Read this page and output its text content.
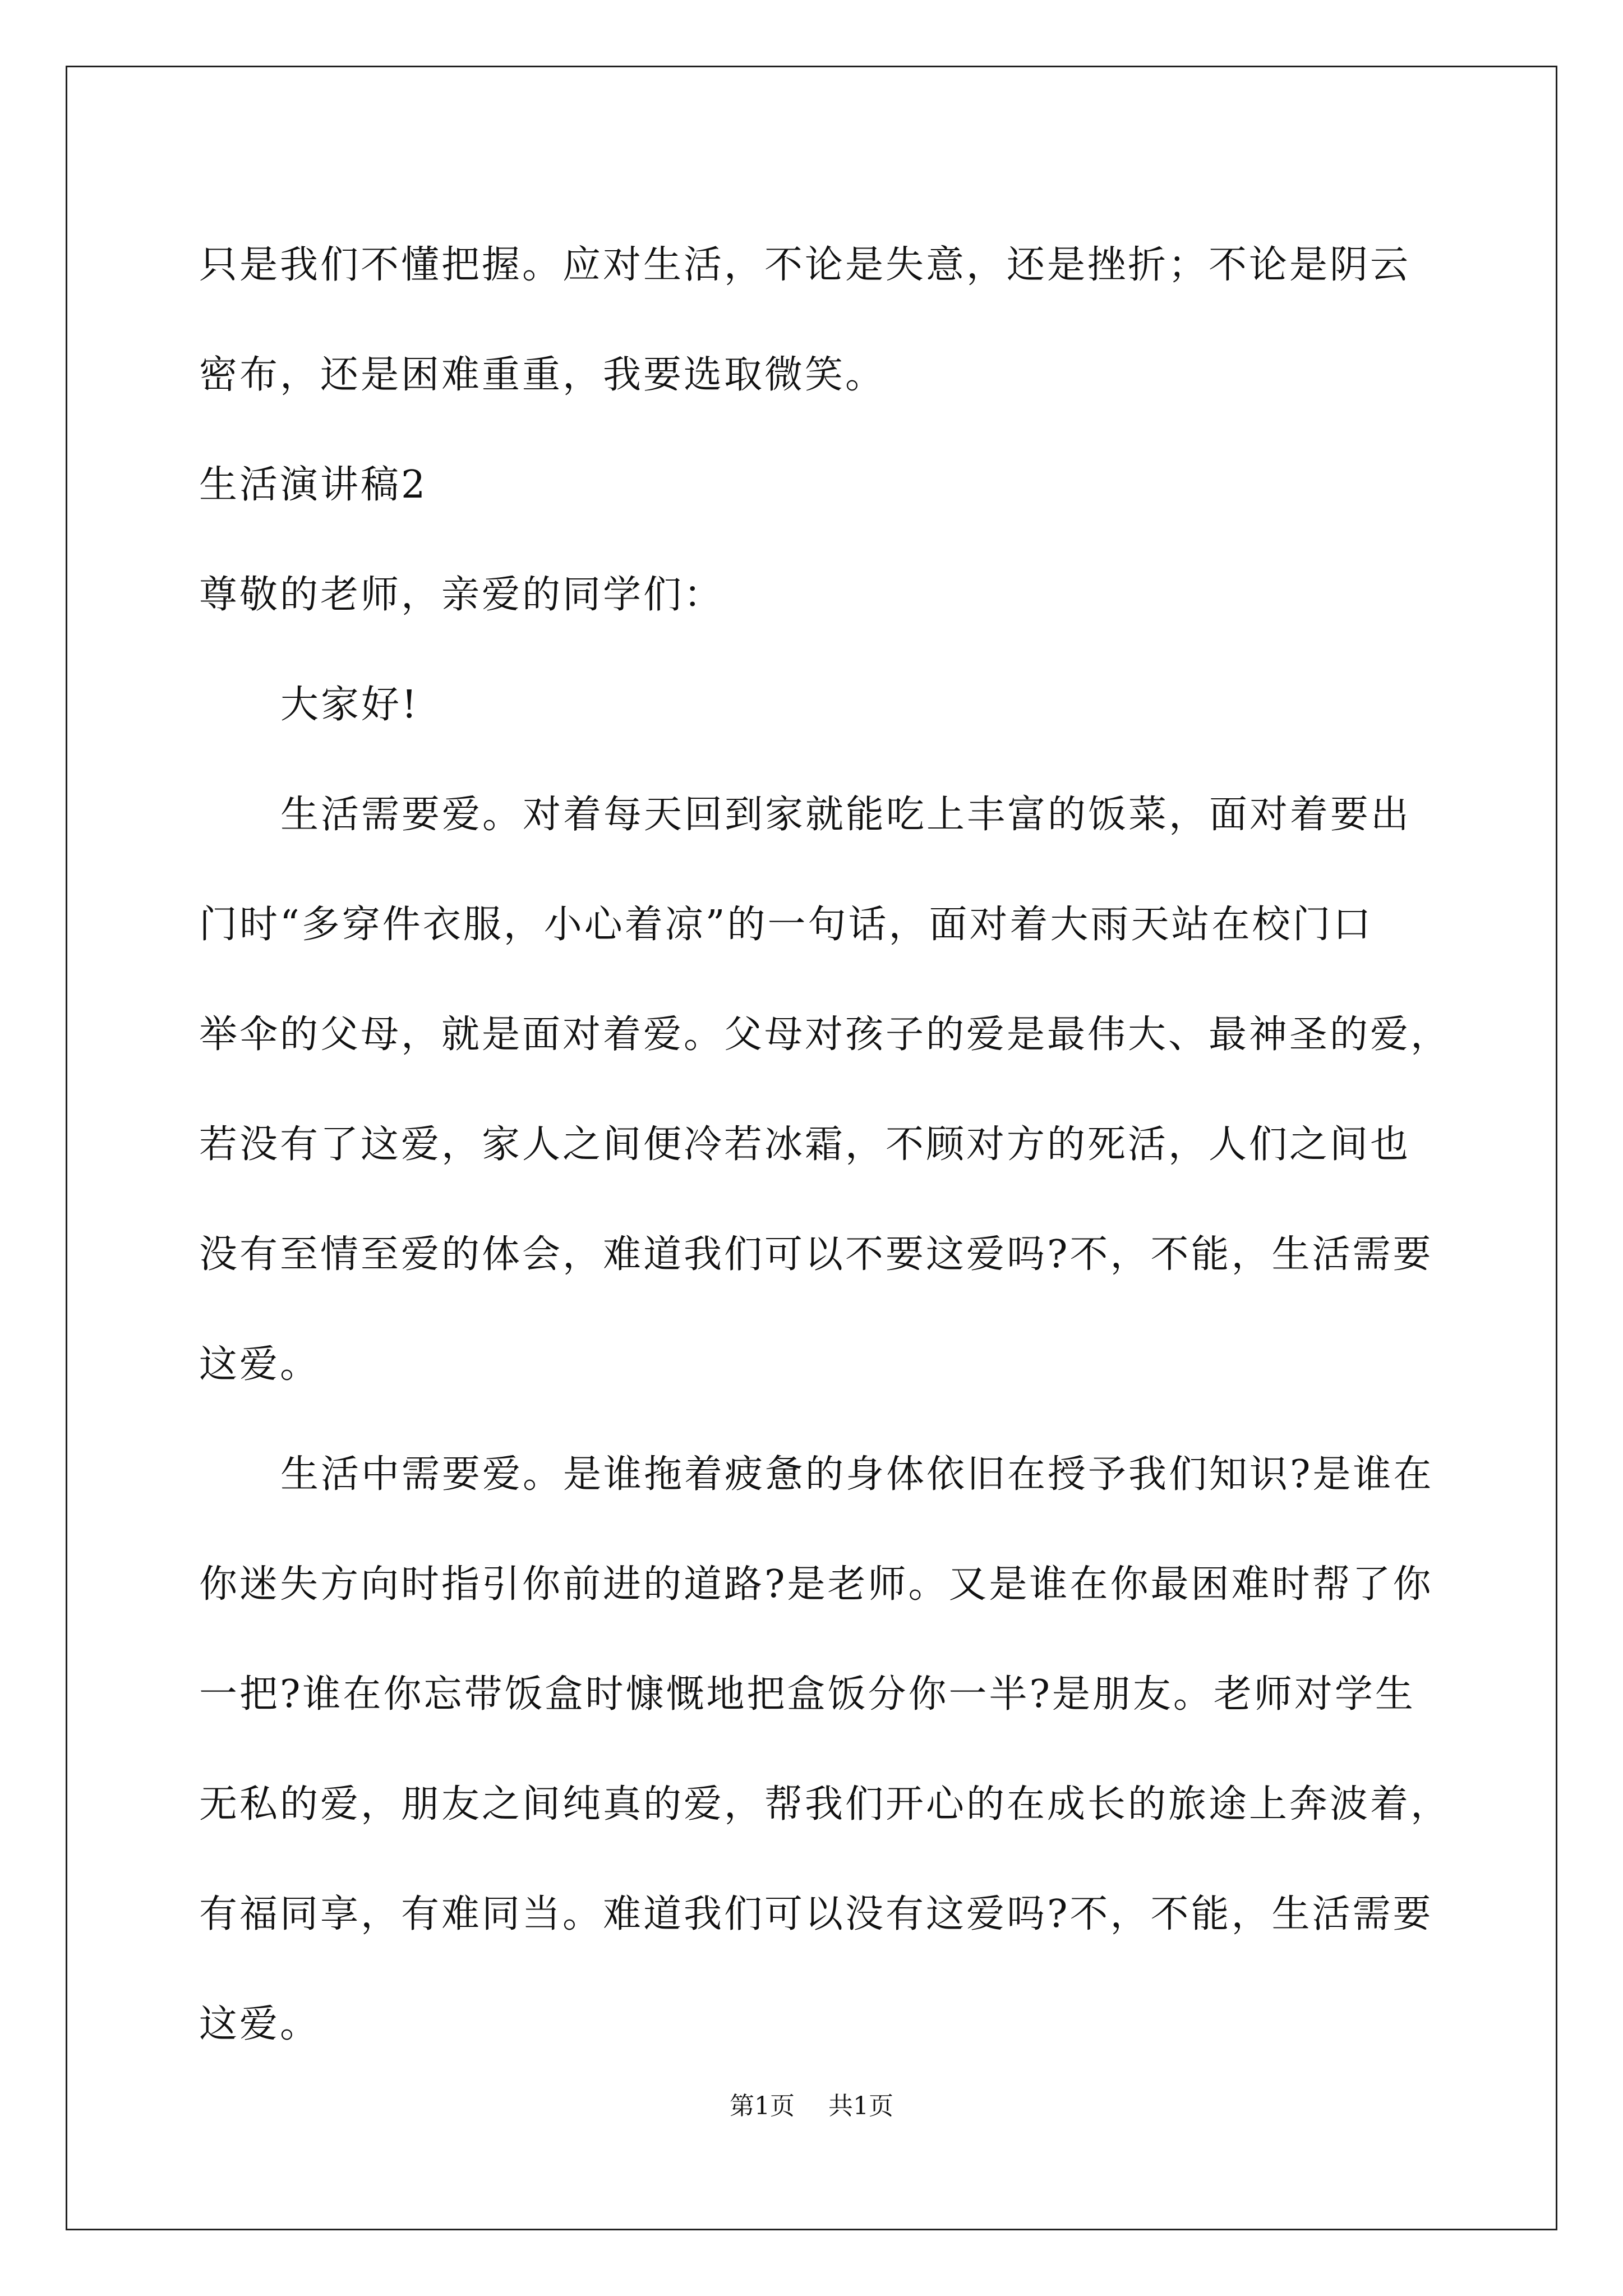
只是我们不懂把握。应对生活，不论是失意，还是挫折；不论是阴云
密布，还是困难重重，我要选取微笑。
生活演讲稿2
尊敬的老师，亲爱的同学们：
大家好!
生活需要爱。对着每天回到家就能吃上丰富的饭菜，面对着要出
门时“多穿件衣服，小心着凉”的一句话，面对着大雨天站在校门口
举伞的父母，就是面对着爱。父母对孩子的爱是最伟大、最神圣的爱，
若没有了这爱，家人之间便冷若冰霜，不顾对方的死活，人们之间也
没有至情至爱的体会，难道我们可以不要这爱吗?不，不能，生活需要
这爱。
生活中需要爱。是谁拖着疲惫的身体依旧在授予我们知识?是谁在
你迷失方向时指引你前进的道路?是老师。又是谁在你最困难时帮了你
一把?谁在你忘带饭盒时慷慨地把盒饭分你一半?是朋友。老师对学生
无私的爱，朋友之间纯真的爱，帮我们开心的在成长的旅途上奔波着，
有福同享，有难同当。难道我们可以没有这爱吗?不，不能，生活需要
这爱。
第1页 共1页
